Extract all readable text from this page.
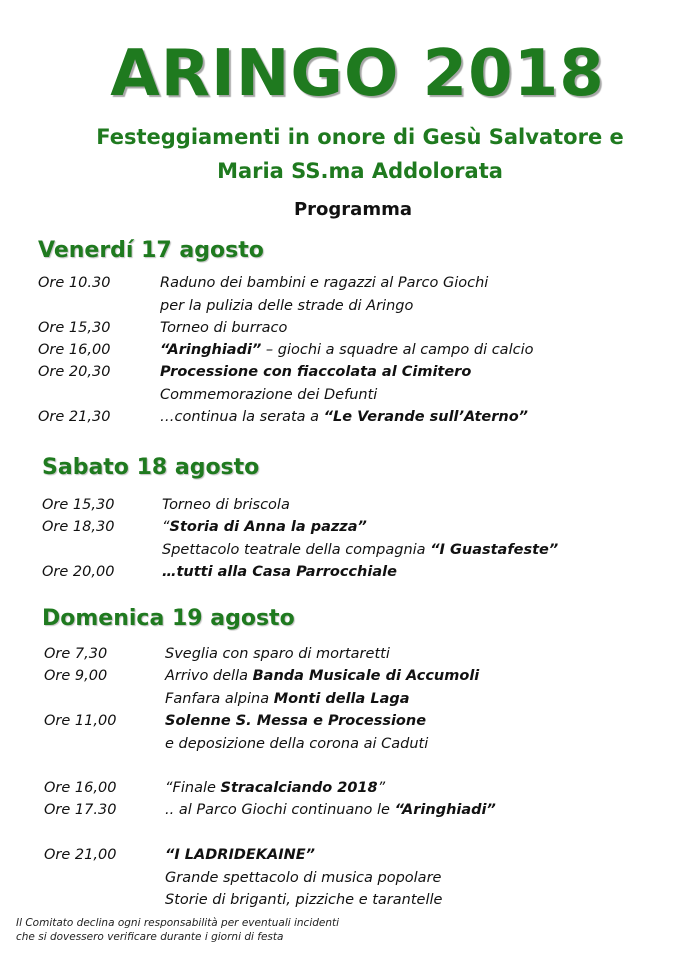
ARINGO 2018
Festeggiamenti in onore di Gesù Salvatore e
Maria SS.ma Addolorata
Programma
Venerdí 17 agosto
Ore 10.30	Raduno dei bambini e ragazzi al Parco Giochi
per la pulizia delle strade di Aringo
Ore 15,30	Torneo di burraco
Ore 16,00	“Aringhiadi” – giochi a squadre al campo di calcio
Ore 20,30	Processione con fiaccolata al Cimitero
Commemorazione dei Defunti
Ore 21,30	…continua la serata a “Le Verande sull’Aterno”
Sabato 18 agosto
Ore 15,30	Torneo di briscola
Ore 18,30	“Storia di Anna la pazza”
Spettacolo teatrale della compagnia “I Guastafeste”
Ore 20,00	…tutti alla Casa Parrocchiale
Domenica 19 agosto
Ore 7,30	Sveglia con sparo di mortaretti
Ore 9,00	Arrivo della Banda Musicale di Accumoli
Fanfara alpina Monti della Laga
Ore 11,00	Solenne S. Messa e Processione
e deposizione della corona ai Caduti
Ore 16,00	“Finale Stracalciando 2018”
Ore 17.30	.. al Parco Giochi continuano le “Aringhiadi”
Ore 21,00	“I LADRIDEKAINE”
Grande spettacolo di musica popolare
Storie di briganti, pizziche e tarantelle
Il Comitato declina ogni responsabilità per eventuali incidenti
che si dovessero verificare durante i giorni di festa
